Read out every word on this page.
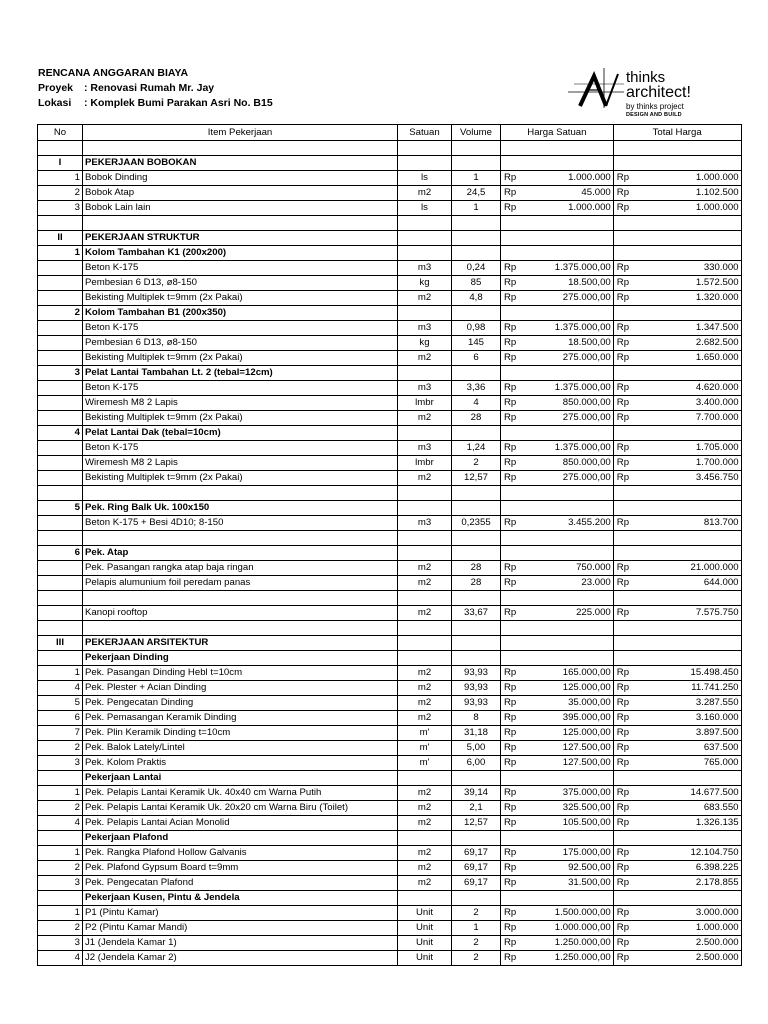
RENCANA ANGGARAN BIAYA
Proyek : Renovasi Rumah Mr. Jay
Lokasi : Komplek Bumi Parakan Asri No. B15
thinks
architect!
by thinks project
DESIGN AND BUILD
No	Item Pekerjaan	Satuan	Volume	Harga Satuan		Total Harga	

I	PEKERJAAN BOBOKAN						
1	Bobok Dinding	ls	1	Rp	1.000.000	Rp	1.000.000
2	Bobok Atap	m2	24,5	Rp	45.000	Rp	1.102.500
3	Bobok Lain lain	ls	1	Rp	1.000.000	Rp	1.000.000

II	PEKERJAAN STRUKTUR						
1	Kolom Tambahan K1 (200x200)						
	Beton K-175	m3	0,24	Rp	1.375.000,00	Rp	330.000
	Pembesian 6 D13, ø8-150	kg	85	Rp	18.500,00	Rp	1.572.500
	Bekisting Multiplek t=9mm (2x Pakai)	m2	4,8	Rp	275.000,00	Rp	1.320.000
2	Kolom Tambahan B1 (200x350)						
	Beton K-175	m3	0,98	Rp	1.375.000,00	Rp	1.347.500
	Pembesian 6 D13, ø8-150	kg	145	Rp	18.500,00	Rp	2.682.500
	Bekisting Multiplek t=9mm (2x Pakai)	m2	6	Rp	275.000,00	Rp	1.650.000
3	Pelat Lantai Tambahan Lt. 2 (tebal=12cm)						
	Beton K-175	m3	3,36	Rp	1.375.000,00	Rp	4.620.000
	Wiremesh M8 2 Lapis	lmbr	4	Rp	850.000,00	Rp	3.400.000
	Bekisting Multiplek t=9mm (2x Pakai)	m2	28	Rp	275.000,00	Rp	7.700.000
4	Pelat Lantai Dak (tebal=10cm)						
	Beton K-175	m3	1,24	Rp	1.375.000,00	Rp	1.705.000
	Wiremesh M8 2 Lapis	lmbr	2	Rp	850.000,00	Rp	1.700.000
	Bekisting Multiplek t=9mm (2x Pakai)	m2	12,57	Rp	275.000,00	Rp	3.456.750

5	Pek. Ring Balk Uk. 100x150						
	Beton K-175 + Besi 4D10; 8-150	m3	0,2355	Rp	3.455.200	Rp	813.700

6	Pek. Atap						
	Pek. Pasangan rangka atap baja ringan	m2	28	Rp	750.000	Rp	21.000.000
	Pelapis alumunium foil peredam panas	m2	28	Rp	23.000	Rp	644.000

	Kanopi rooftop	m2	33,67	Rp	225.000	Rp	7.575.750

III	PEKERJAAN ARSITEKTUR						
	Pekerjaan Dinding						
1	Pek. Pasangan Dinding Hebl t=10cm	m2	93,93	Rp	165.000,00	Rp	15.498.450
4	Pek. Plester + Acian Dinding	m2	93,93	Rp	125.000,00	Rp	11.741.250
5	Pek. Pengecatan Dinding	m2	93,93	Rp	35.000,00	Rp	3.287.550
6	Pek. Pemasangan Keramik Dinding	m2	8	Rp	395.000,00	Rp	3.160.000
7	Pek. Plin Keramik Dinding t=10cm	m'	31,18	Rp	125.000,00	Rp	3.897.500
2	Pek. Balok Lately/Lintel	m'	5,00	Rp	127.500,00	Rp	637.500
3	Pek. Kolom Praktis	m'	6,00	Rp	127.500,00	Rp	765.000
	Pekerjaan Lantai						
1	Pek. Pelapis Lantai Keramik Uk. 40x40 cm Warna Putih	m2	39,14	Rp	375.000,00	Rp	14.677.500
2	Pek. Pelapis Lantai Keramik Uk. 20x20 cm Warna Biru (Toilet)	m2	2,1	Rp	325.500,00	Rp	683.550
4	Pek. Pelapis Lantai Acian Monolid	m2	12,57	Rp	105.500,00	Rp	1.326.135
	Pekerjaan Plafond						
1	Pek. Rangka Plafond Hollow Galvanis	m2	69,17	Rp	175.000,00	Rp	12.104.750
2	Pek. Plafond Gypsum Board t=9mm	m2	69,17	Rp	92.500,00	Rp	6.398.225
3	Pek. Pengecatan Plafond	m2	69,17	Rp	31.500,00	Rp	2.178.855
	Pekerjaan Kusen, Pintu & Jendela						
1	P1 (Pintu Kamar)	Unit	2	Rp	1.500.000,00	Rp	3.000.000
2	P2 (Pintu Kamar Mandi)	Unit	1	Rp	1.000.000,00	Rp	1.000.000
3	J1 (Jendela Kamar 1)	Unit	2	Rp	1.250.000,00	Rp	2.500.000
4	J2 (Jendela Kamar 2)	Unit	2	Rp	1.250.000,00	Rp	2.500.000
